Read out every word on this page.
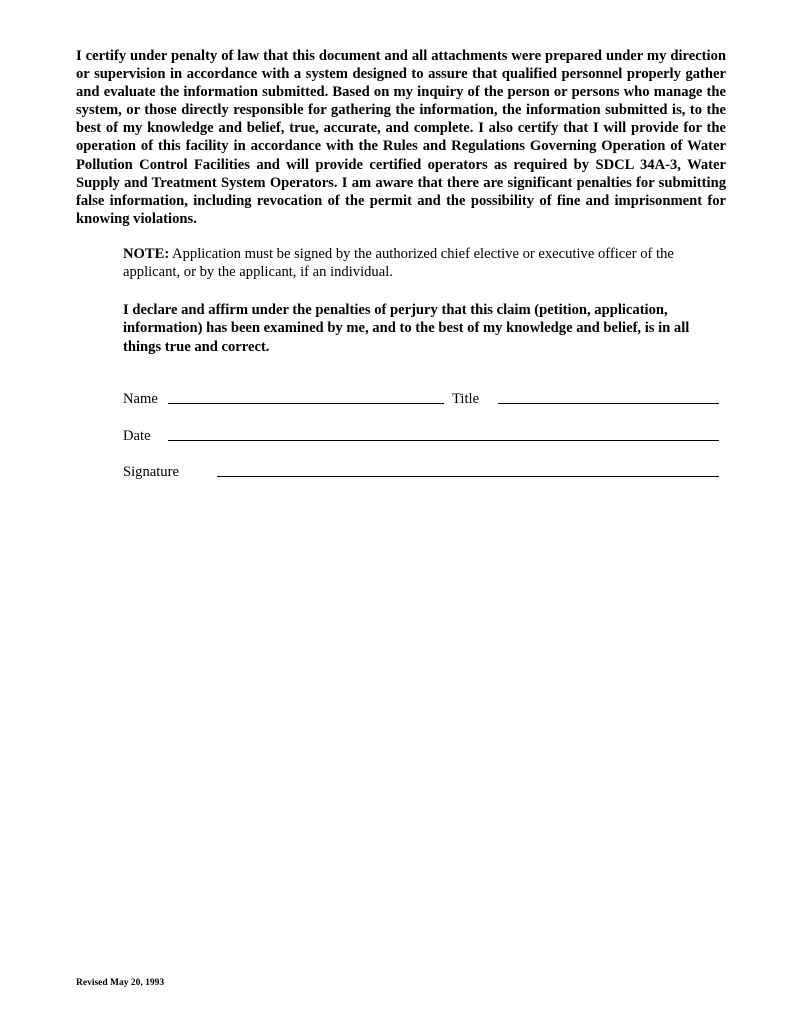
I certify under penalty of law that this document and all attachments were prepared under my direction or supervision in accordance with a system designed to assure that qualified personnel properly gather and evaluate the information submitted. Based on my inquiry of the person or persons who manage the system, or those directly responsible for gathering the information, the information submitted is, to the best of my knowledge and belief, true, accurate, and complete. I also certify that I will provide for the operation of this facility in accordance with the Rules and Regulations Governing Operation of Water Pollution Control Facilities and will provide certified operators as required by SDCL 34A-3, Water Supply and Treatment System Operators. I am aware that there are significant penalties for submitting false information, including revocation of the permit and the possibility of fine and imprisonment for knowing violations.

NOTE: Application must be signed by the authorized chief elective or executive officer of the applicant, or by the applicant, if an individual.

I declare and affirm under the penalties of perjury that this claim (petition, application, information) has been examined by me, and to the best of my knowledge and belief, is in all things true and correct.

Name	Title
Date
Signature

Revised May 20, 1993
